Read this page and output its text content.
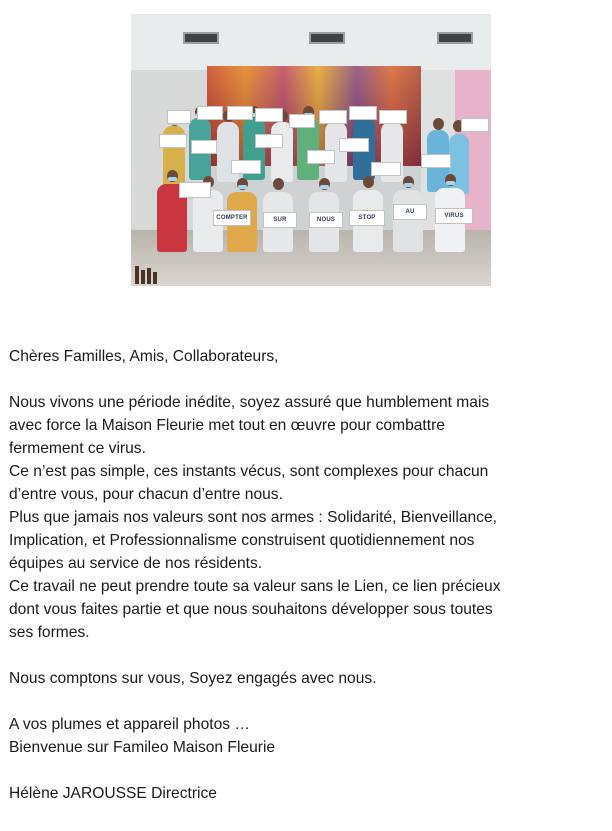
COMPTER	SUR	NOUS	STOP
AU
VIRUS

Chères Familles, Amis, Collaborateurs,

Nous vivons une période inédite, soyez assuré que humblement mais

avec force la Maison Fleurie met tout en œuvre pour combattre

fermement ce virus.

Ce n’est pas simple, ces instants vécus, sont complexes pour chacun

d’entre vous, pour chacun d’entre nous.

Plus que jamais nos valeurs sont nos armes : Solidarité, Bienveillance,

Implication, et Professionnalisme construisent quotidiennement nos

équipes au service de nos résidents.

Ce travail ne peut prendre toute sa valeur sans le Lien, ce lien précieux

dont vous faites partie et que nous souhaitons développer sous toutes

ses formes.

Nous comptons sur vous, Soyez engagés avec nous.

A vos plumes et appareil photos …

Bienvenue sur Famileo Maison Fleurie

Hélène JAROUSSE Directrice
